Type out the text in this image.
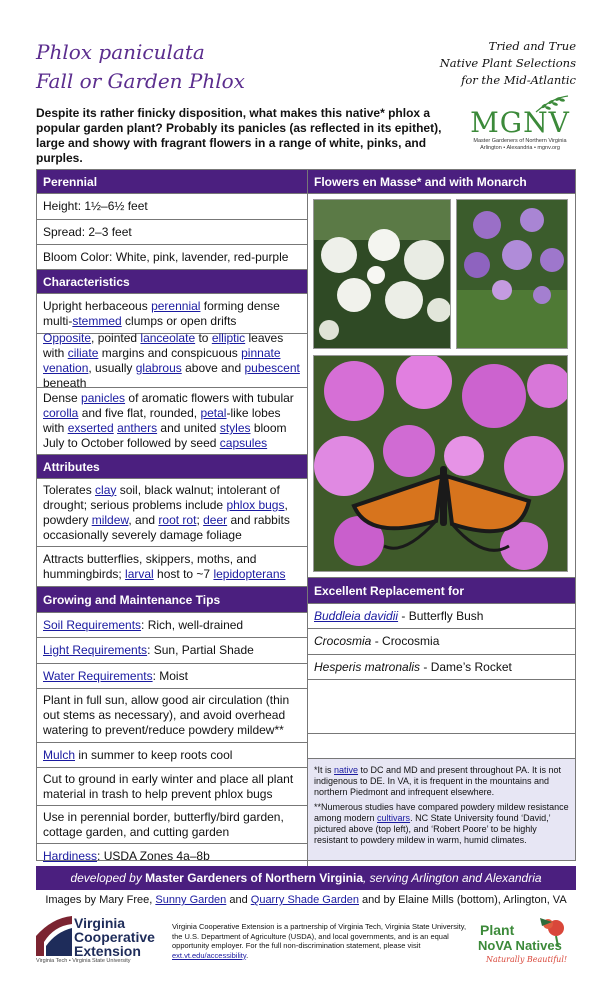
Phlox paniculata
Fall or Garden Phlox
Tried and True
Native Plant Selections
for the Mid-Atlantic
Despite its rather finicky disposition, what makes this native* phlox a popular garden plant? Probably its panicles (as reflected in its epithet), large and showy with fragrant flowers in a range of white, pinks, and purples.
MGNV
Master Gardeners of Northern Virginia
Arlington • Alexandria • mgnv.org
Perennial
Height: 1½–6½ feet
Spread: 2–3 feet
Bloom Color: White, pink, lavender, red-purple
Characteristics
Upright herbaceous perennial forming dense multi-stemmed clumps or open drifts
Opposite, pointed lanceolate to elliptic leaves with ciliate margins and conspicuous pinnate venation, usually glabrous above and pubescent beneath
Dense panicles of aromatic flowers with tubular corolla and five flat, rounded, petal-like lobes with exserted anthers and united styles bloom July to October followed by seed capsules
Attributes
Tolerates clay soil, black walnut; intolerant of drought; serious problems include phlox bugs, powdery mildew, and root rot; deer and rabbits occasionally severely damage foliage
Attracts butterflies, skippers, moths, and hummingbirds; larval host to ~7 lepidopterans
Growing and Maintenance Tips
Soil Requirements: Rich, well-drained
Light Requirements: Sun, Partial Shade
Water Requirements: Moist
Plant in full sun, allow good air circulation (thin out stems as necessary), and avoid overhead watering to prevent/reduce powdery mildew**
Mulch in summer to keep roots cool
Cut to ground in early winter and place all plant material in trash to help prevent phlox bugs
Use in perennial border, butterfly/bird garden, cottage garden, and cutting garden
Hardiness: USDA Zones 4a–8b
Flowers en Masse* and with Monarch
Excellent Replacement for
Buddleia davidii - Butterfly Bush
Crocosmia - Crocosmia
Hesperis matronalis - Dame’s Rocket

*It is native to DC and MD and present throughout PA. It is not indigenous to DE. In VA, it is frequent in the mountains and northern Piedmont and infrequent elsewhere.

**Numerous studies have compared powdery mildew resistance among modern cultivars. NC State University found ‘David,’ pictured above (top left), and ‘Robert Poore’ to be highly resistant to powdery mildew in warm, humid climates.

developed by Master Gardeners of Northern Virginia, serving Arlington and Alexandria
Images by Mary Free, Sunny Garden and Quarry Shade Garden and by Elaine Mills (bottom), Arlington, VA
Virginia
Cooperative
Extension
Virginia Tech • Virginia State University
Virginia Cooperative Extension is a partnership of Virginia Tech, Virginia State University, the U.S. Department of Agriculture (USDA), and local governments, and is an equal opportunity employer. For the full non-discrimination statement, please visit ext.vt.edu/accessibility.
Plant
NoVA Natives
Naturally Beautiful!
